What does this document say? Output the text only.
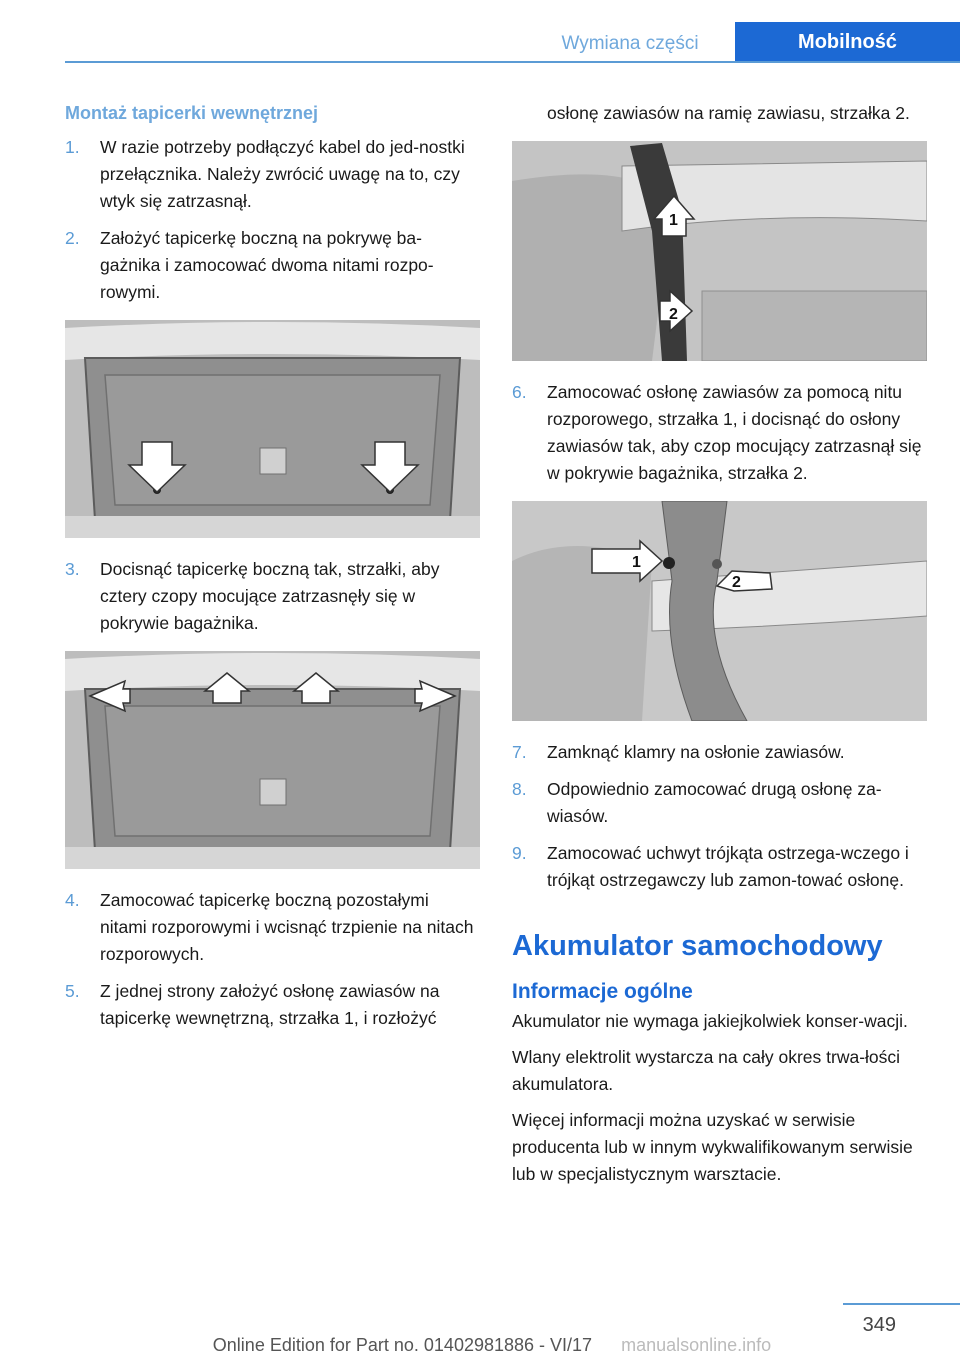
Wymiana części	Mobilność
Montaż tapicerki wewnętrznej
1.	W razie potrzeby podłączyć kabel do jed‐nostki przełącznika. Należy zwrócić uwagę na to, czy wtyk się zatrzasnął.
2.	Założyć tapicerkę boczną na pokrywę ba‐gażnika i zamocować dwoma nitami rozpo‐rowymi.
3.	Docisnąć tapicerkę boczną tak, strzałki, aby cztery czopy mocujące zatrzasnęły się w pokrywie bagażnika.
4.	Zamocować tapicerkę boczną pozostałymi nitami rozporowymi i wcisnąć trzpienie na nitach rozporowych.
5.	Z jednej strony założyć osłonę zawiasów na tapicerkę wewnętrzną, strzałka 1, i rozłożyć
osłonę zawiasów na ramię zawiasu, strzałka 2.
1
2
6.	Zamocować osłonę zawiasów za pomocą nitu rozporowego, strzałka 1, i docisnąć do osłony zawiasów tak, aby czop mocujący zatrzasnął się w pokrywie bagażnika, strzałka 2.
1
2
7.	Zamknąć klamry na osłonie zawiasów.
8.	Odpowiednio zamocować drugą osłonę za‐wiasów.
9.	Zamocować uchwyt trójkąta ostrzega‐wczego i trójkąt ostrzegawczy lub zamon‐tować osłonę.
Akumulator samochodowy
Informacje ogólne
Akumulator nie wymaga jakiejkolwiek konser‐wacji.
Wlany elektrolit wystarcza na cały okres trwa‐łości akumulatora.
Więcej informacji można uzyskać w serwisie producenta lub w innym wykwalifikowanym serwisie lub w specjalistycznym warsztacie.
349
Online Edition for Part no. 01402981886 - VI/17 manualsonline.info
